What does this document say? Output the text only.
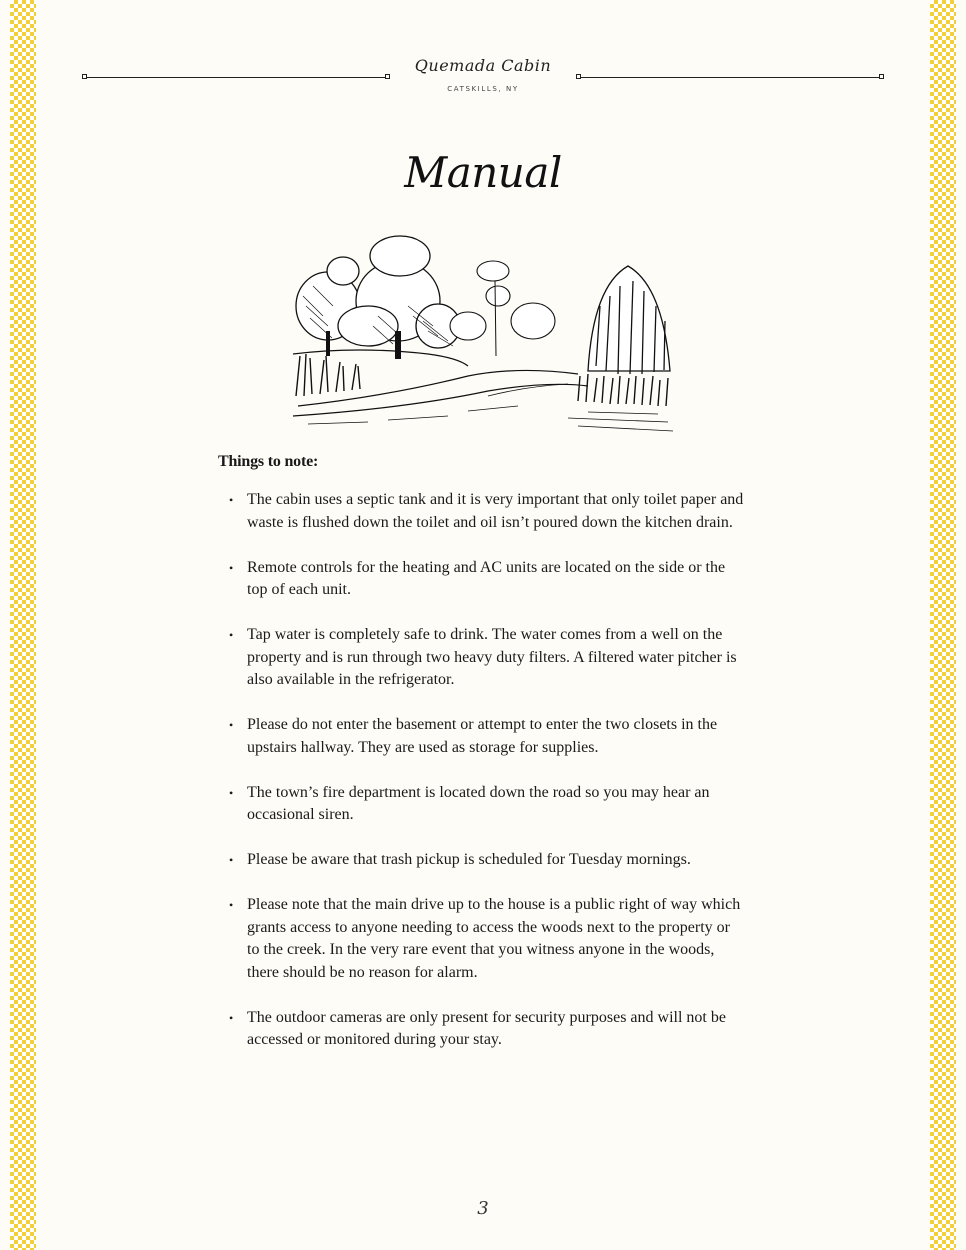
Quemada Cabin
CATSKILLS, NY
Manual
Things to note:
• The cabin uses a septic tank and it is very important that only toilet paper and waste is flushed down the toilet and oil isn’t poured down the kitchen drain.
• Remote controls for the heating and AC units are located on the side or the top of each unit.
• Tap water is completely safe to drink. The water comes from a well on the property and is run through two heavy duty filters. A filtered water pitcher is also available in the refrigerator.
• Please do not enter the basement or attempt to enter the two closets in the upstairs hallway. They are used as storage for supplies.
• The town’s fire department is located down the road so you may hear an occasional siren.
• Please be aware that trash pickup is scheduled for Tuesday mornings.
• Please note that the main drive up to the house is a public right of way which grants access to anyone needing to access the woods next to the property or to the creek. In the very rare event that you witness anyone in the woods, there should be no reason for alarm.
• The outdoor cameras are only present for security purposes and will not be accessed or monitored during your stay.
3
